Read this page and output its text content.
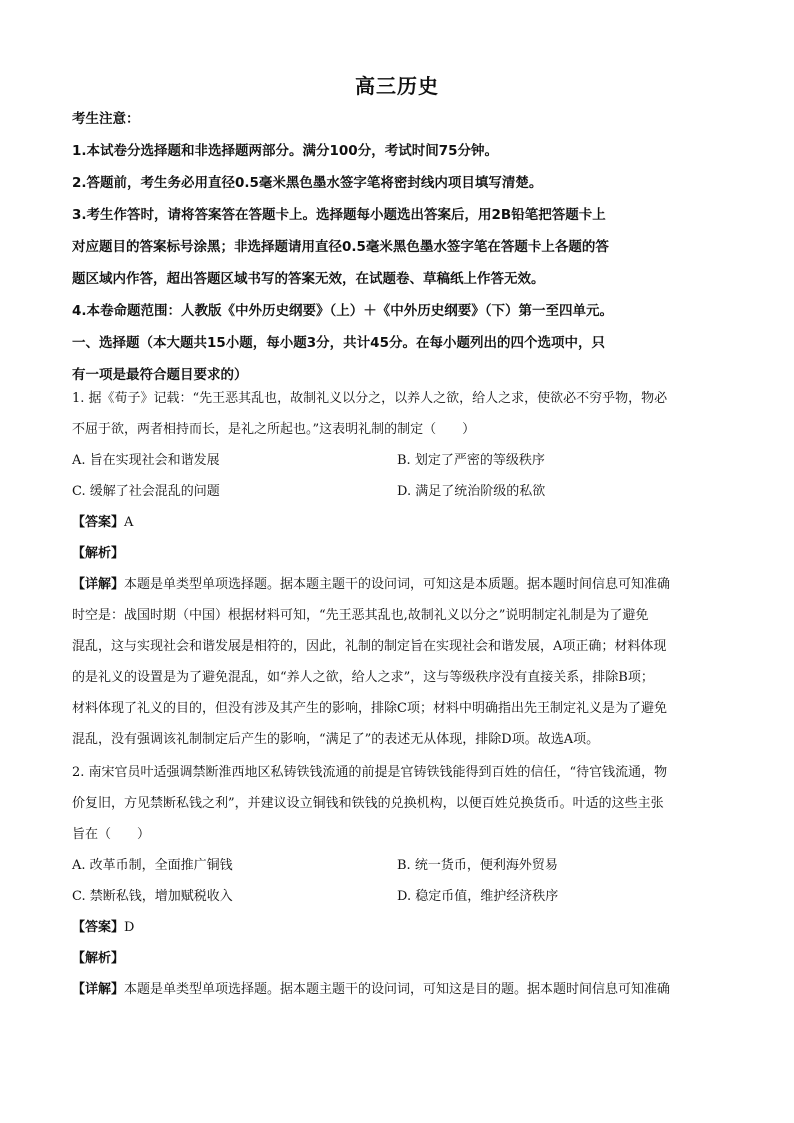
高三历史
考生注意：
1.本试卷分选择题和非选择题两部分。满分100分，考试时间75分钟。
2.答题前，考生务必用直径0.5毫米黑色墨水签字笔将密封线内项目填写清楚。
3.考生作答时，请将答案答在答题卡上。选择题每小题选出答案后，用2B铅笔把答题卡上
对应题目的答案标号涂黑；非选择题请用直径0.5毫米黑色墨水签字笔在答题卡上各题的答
题区域内作答，超出答题区域书写的答案无效，在试题卷、草稿纸上作答无效。
4.本卷命题范围：人教版《中外历史纲要》（上）＋《中外历史纲要》（下）第一至四单元。
一、选择题（本大题共15小题，每小题3分，共计45分。在每小题列出的四个选项中，只
有一项是最符合题目要求的）
1. 据《荀子》记载：“先王恶其乱也，故制礼义以分之，以养人之欲，给人之求，使欲必不穷乎物，物必
不屈于欲，两者相持而长，是礼之所起也。”这表明礼制的制定（　　）
A. 旨在实现社会和谐发展	B. 划定了严密的等级秩序
C. 缓解了社会混乱的问题	D. 满足了统治阶级的私欲
【答案】A
【解析】
【详解】本题是单类型单项选择题。据本题主题干的设问词，可知这是本质题。据本题时间信息可知准确
时空是：战国时期（中国）根据材料可知，“先王恶其乱也,故制礼义以分之”说明制定礼制是为了避免
混乱，这与实现社会和谐发展是相符的，因此，礼制的制定旨在实现社会和谐发展，A项正确；材料体现
的是礼义的设置是为了避免混乱，如“养人之欲，给人之求”，这与等级秩序没有直接关系，排除B项；
材料体现了礼义的目的，但没有涉及其产生的影响，排除C项；材料中明确指出先王制定礼义是为了避免
混乱，没有强调该礼制制定后产生的影响，“满足了”的表述无从体现，排除D项。故选A项。
2. 南宋官员叶适强调禁断淮西地区私铸铁钱流通的前提是官铸铁钱能得到百姓的信任，“待官钱流通，物
价复旧，方见禁断私钱之利”，并建议设立铜钱和铁钱的兑换机构，以便百姓兑换货币。叶适的这些主张
旨在（　　）
A. 改革币制，全面推广铜钱	B. 统一货币，便利海外贸易
C. 禁断私钱，增加赋税收入	D. 稳定币值，维护经济秩序
【答案】D
【解析】
【详解】本题是单类型单项选择题。据本题主题干的设问词，可知这是目的题。据本题时间信息可知准确
